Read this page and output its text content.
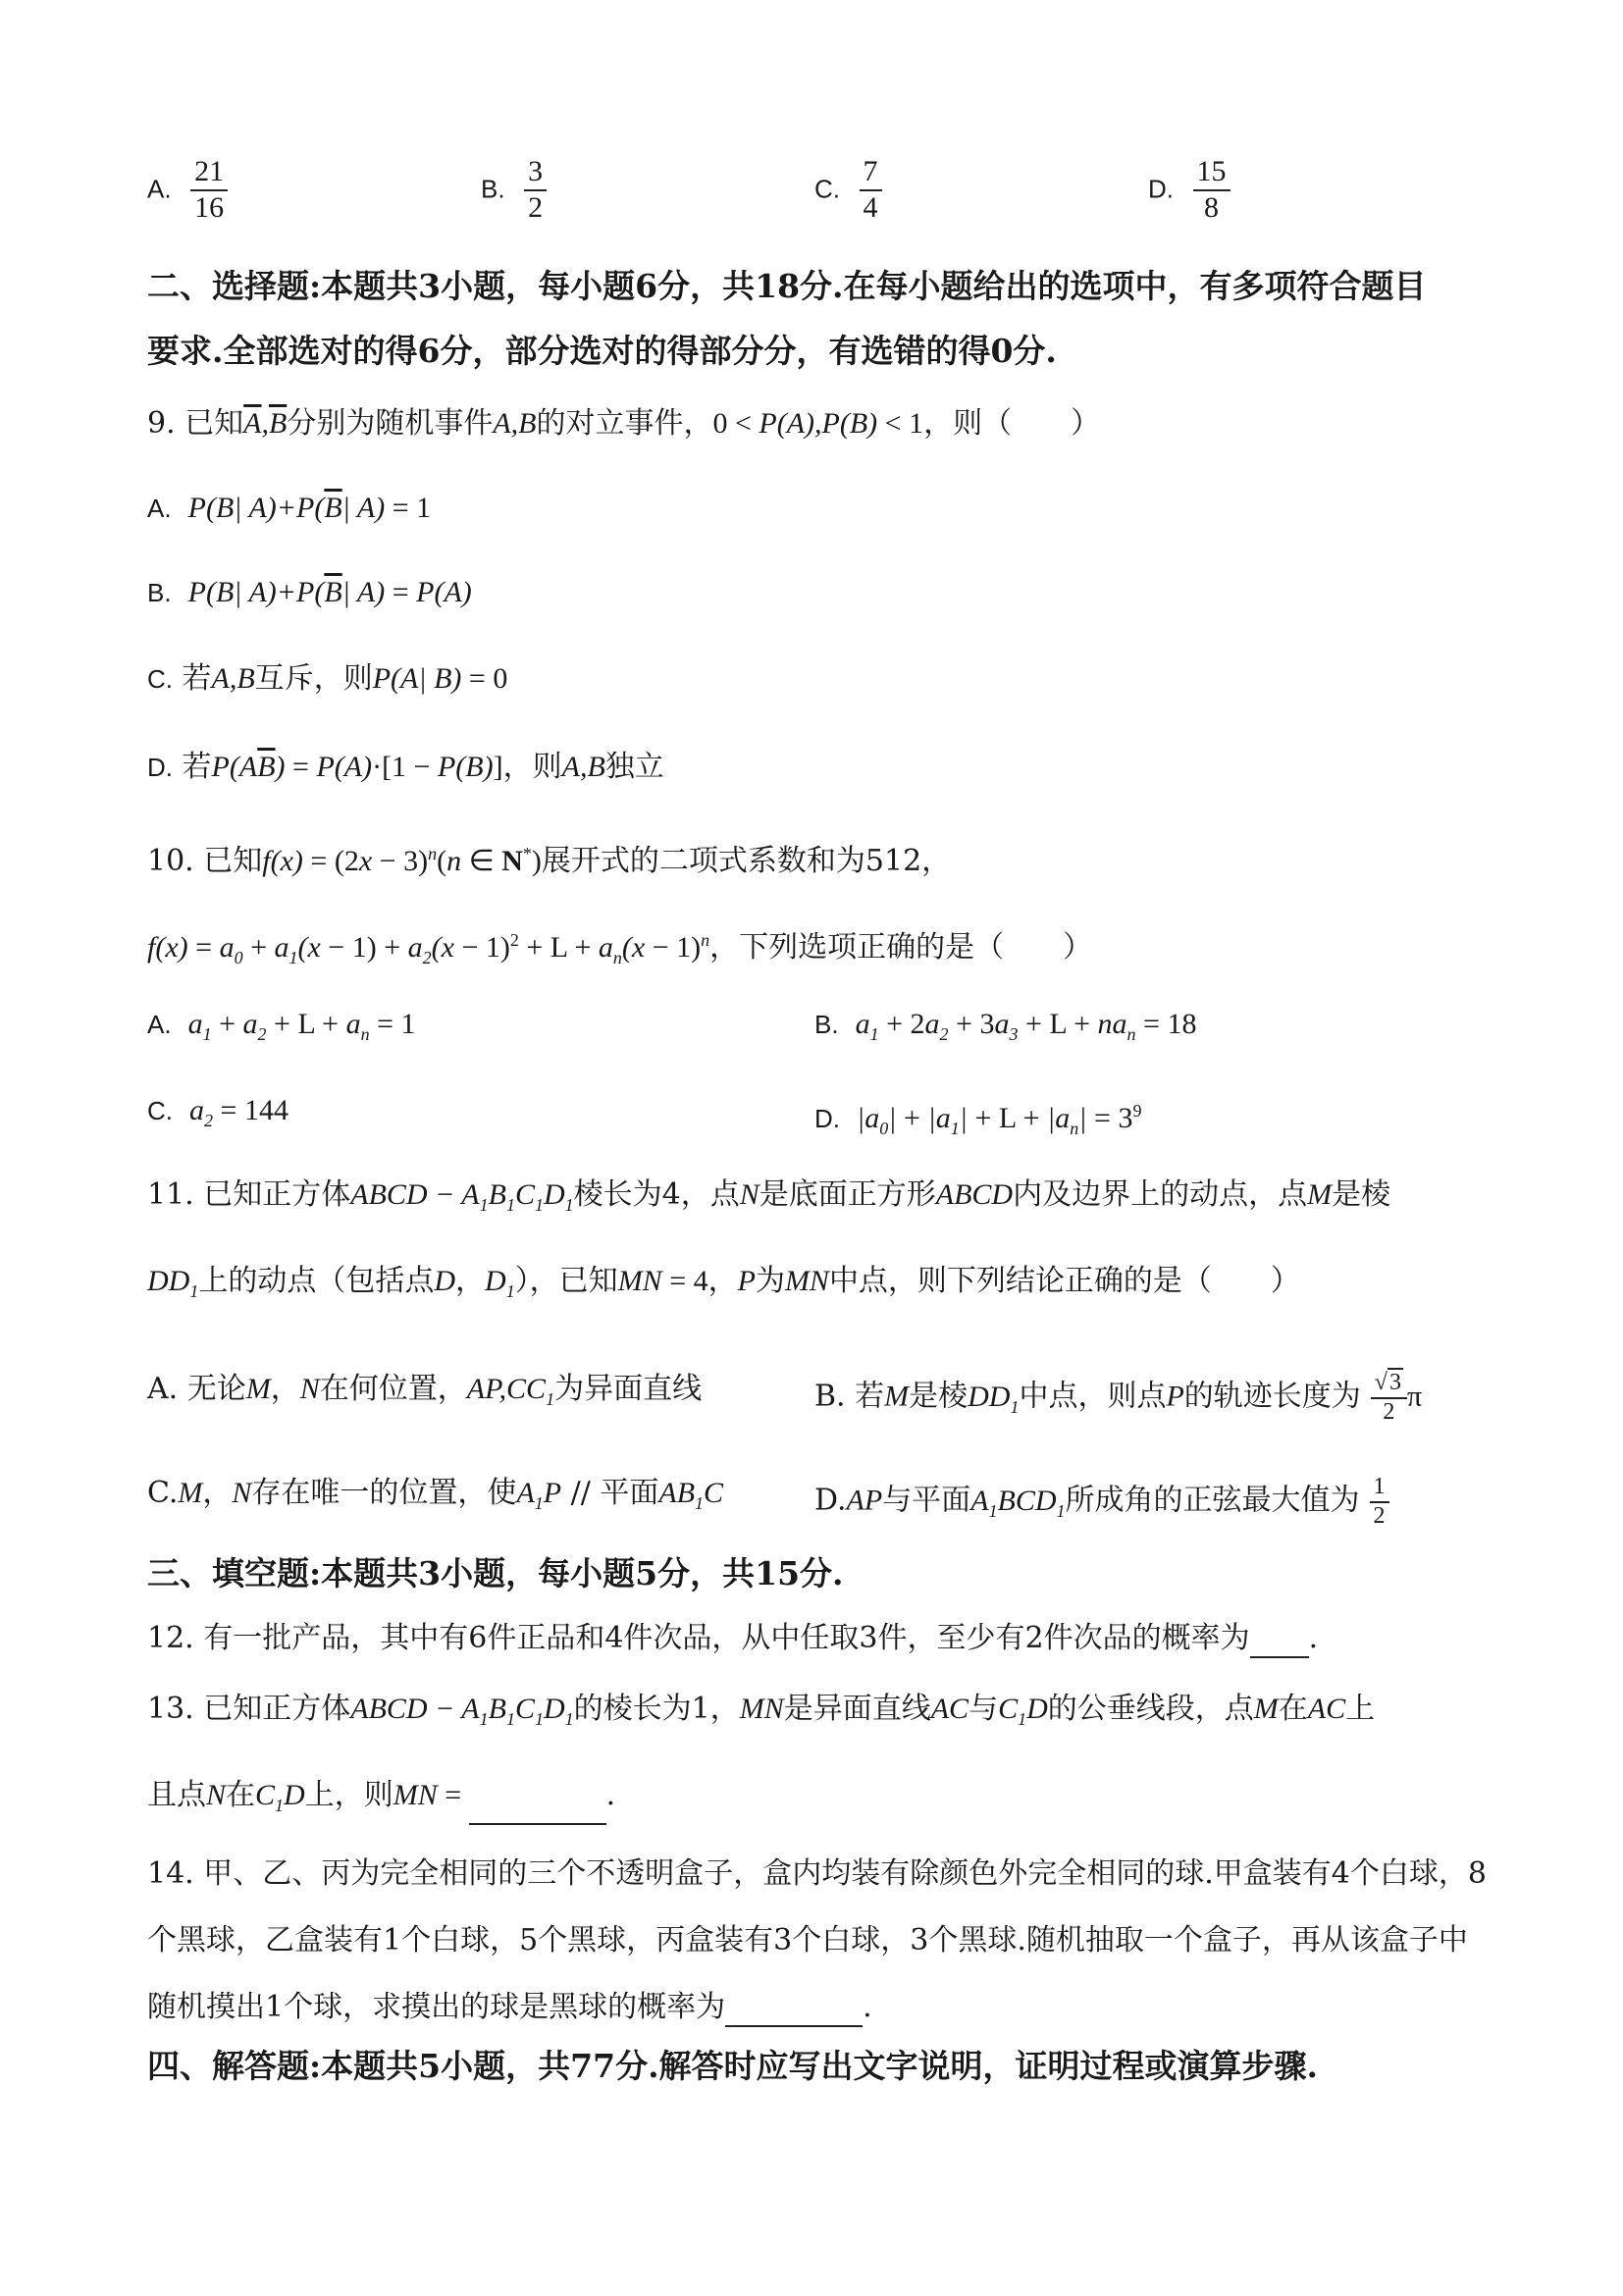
A. $\frac{21}{16}$	B. $\frac{3}{2}$	C. $\frac{7}{4}$	D. $\frac{15}{8}$
二、选择题:本题共3小题，每小题6分，共18分.在每小题给出的选项中，有多项符合题目
要求.全部选对的得6分，部分选对的得部分分，有选错的得0分.
9. 已知$\overline{A},\overline{B}$分别为随机事件A,B的对立事件，0 < P(A),P(B) < 1，则（　　）
A.  P(B| $A)+P(\overline{B}|$ A) = 1
B.  P(B| $A)+P(\overline{B}|$ A) = P(A)
C. 若A,B互斥，则P(A| B) = 0
D. 若$P(A\overline{B}) = P(A)\cdot[1 - P(B)]$，则A,B独立
10. 已知$f(x) = (2x - 3)^n(n$ ∈ N*)展开式的二项式系数和为512，
$f(x) = a_0 + a_1(x - 1) + a_2(x - 1)^2 + L + a_n(x - 1)^n$，下列选项正确的是（　　）
A.  $a_1 + a_2 + L + a_n = 1$	B.  $a_1 + 2a_2 + 3a_3 + L + na_n = 18$
C.  $a_2 = 144$	D.  $|a_0| + |a_1| + L + |a_n| = 3^9$
11. 已知正方体ABCD − $A_1B_1C_1D_1$棱长为4，点N是底面正方形ABCD内及边界上的动点，点M是棱
$DD_1$上的动点（包括点D，$D_1$），已知MN = 4，P为MN中点，则下列结论正确的是（　　）
A. 无论M，N在何位置，$AP,CC_1$为异面直线	B. 若M是棱$DD_1$中点，则点P的轨迹长度为 $\frac{√3}{2}$ π
C.M，N存在唯一的位置，使$A_1P$ // 平面$AB_1C$	D.AP与平面$A_1BCD_1$所成角的正弦最大值为 $\frac{1}{2}$
三、填空题:本题共3小题，每小题5分，共15分.
12. 有一批产品，其中有6件正品和4件次品，从中任取3件，至少有2件次品的概率为 .
13. 已知正方体ABCD − $A_1B_1C_1D_1$的棱长为1，MN是异面直线AC与$C_1D$的公垂线段，点M在AC上
且点N在$C_1D$上，则MN =	.
14. 甲、乙、丙为完全相同的三个不透明盒子，盒内均装有除颜色外完全相同的球.甲盒装有4个白球，8
个黑球，乙盒装有1个白球，5个黑球，丙盒装有3个白球，3个黑球.随机抽取一个盒子，再从该盒子中
随机摸出1个球，求摸出的球是黑球的概率为	.
四、解答题:本题共5小题，共77分.解答时应写出文字说明，证明过程或演算步骤.
